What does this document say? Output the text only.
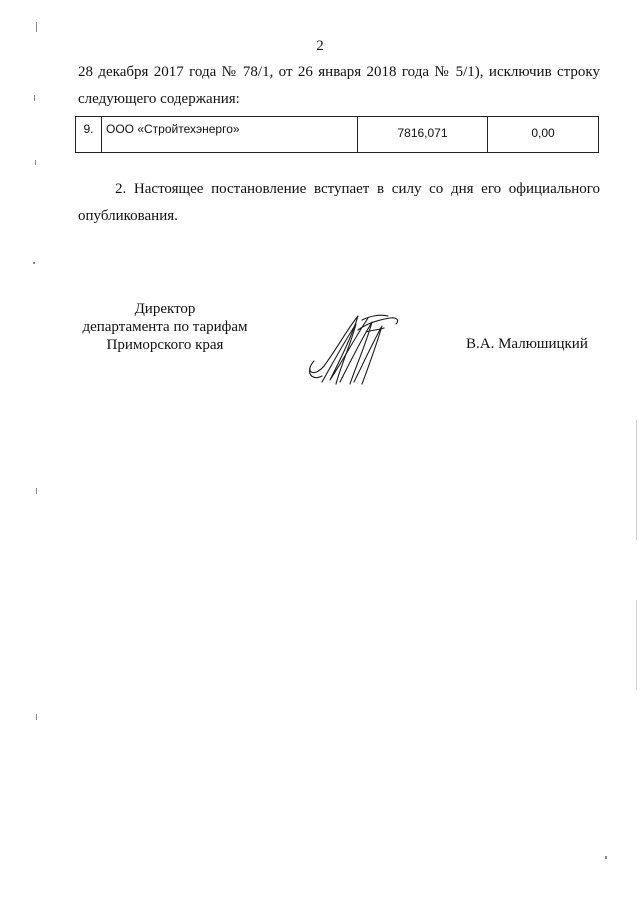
2

28 декабря 2017 года № 78/1, от 26 января 2018 года № 5/1), исключив строку следующего содержания:

9.	ООО «Стройтехэнерго»	7816,071	0,00

2. Настоящее постановление вступает в силу со дня его официального опубликования.

Директор
департамента по тарифам
Приморского края	В.А. Малюшицкий
